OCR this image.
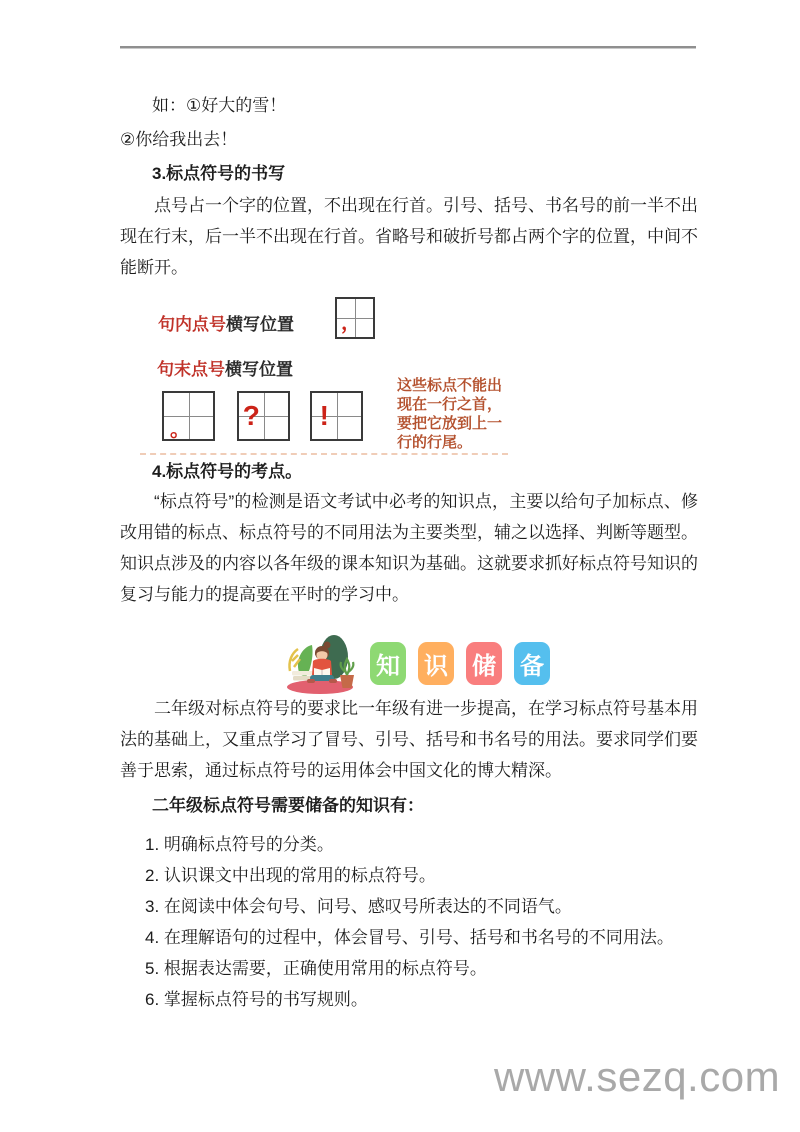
如：①好大的雪！
②你给我出去！
3.标点符号的书写

点号占一个字的位置，不出现在行首。引号、括号、书名号的前一半不出现在行末，后一半不出现在行首。省略号和破折号都占两个字的位置，中间不能断开。

句内点号横写位置 ，
句末点号横写位置
。 ? !
这些标点不能出
现在一行之首，
要把它放到上一
行的行尾。
4.标点符号的考点。

“标点符号”的检测是语文考试中必考的知识点，主要以给句子加标点、修改用错的标点、标点符号的不同用法为主要类型，辅之以选择、判断等题型。知识点涉及的内容以各年级的课本知识为基础。这就要求抓好标点符号知识的复习与能力的提高要在平时的学习中。

知 识 储 备

二年级对标点符号的要求比一年级有进一步提高，在学习标点符号基本用法的基础上，又重点学习了冒号、引号、括号和书名号的用法。要求同学们要善于思索，通过标点符号的运用体会中国文化的博大精深。

二年级标点符号需要储备的知识有：
1. 明确标点符号的分类。
2. 认识课文中出现的常用的标点符号。
3. 在阅读中体会句号、问号、感叹号所表达的不同语气。
4. 在理解语句的过程中，体会冒号、引号、括号和书名号的不同用法。
5. 根据表达需要，正确使用常用的标点符号。
6. 掌握标点符号的书写规则。
www.sezq.com
